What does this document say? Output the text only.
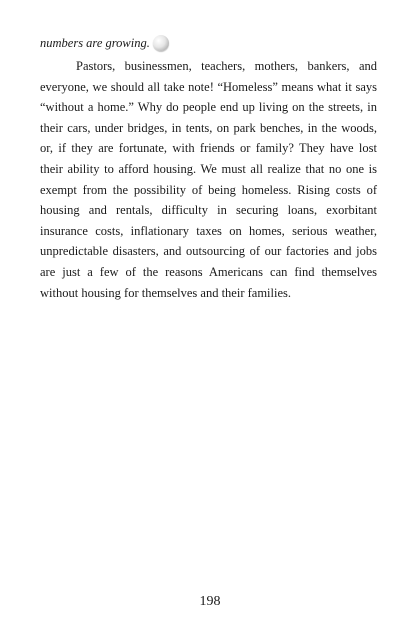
numbers are growing.

Pastors, businessmen, teachers, mothers, bankers, and everyone, we should all take note! “Homeless” means what it says “without a home.” Why do people end up living on the streets, in their cars, under bridges, in tents, on park benches, in the woods, or, if they are fortunate, with friends or family? They have lost their ability to afford housing. We must all realize that no one is exempt from the possibility of being homeless. Rising costs of housing and rentals, difficulty in securing loans, exorbitant insurance costs, inflationary taxes on homes, serious weather, unpredictable disasters, and outsourcing of our factories and jobs are just a few of the reasons Americans can find themselves without housing for themselves and their families.

198
